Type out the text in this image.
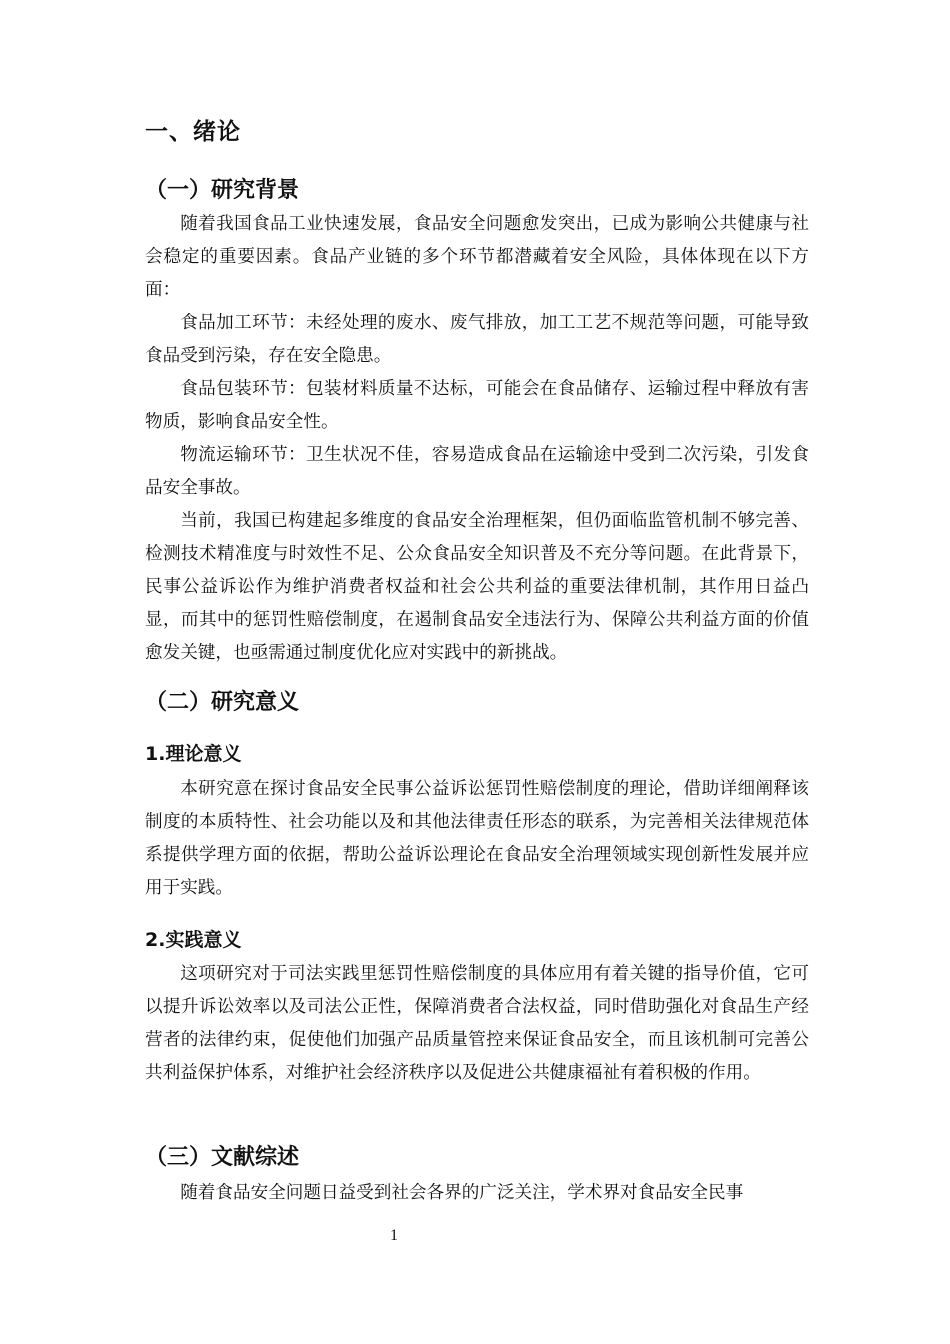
一、绪论
（一）研究背景

随着我国食品工业快速发展，食品安全问题愈发突出，已成为影响公共健康与社会稳定的重要因素。食品产业链的多个环节都潜藏着安全风险，具体体现在以下方面：

食品加工环节：未经处理的废水、废气排放，加工工艺不规范等问题，可能导致食品受到污染，存在安全隐患。

食品包装环节：包装材料质量不达标，可能会在食品储存、运输过程中释放有害物质，影响食品安全性。

物流运输环节：卫生状况不佳，容易造成食品在运输途中受到二次污染，引发食品安全事故。

当前，我国已构建起多维度的食品安全治理框架，但仍面临监管机制不够完善、检测技术精准度与时效性不足、公众食品安全知识普及不充分等问题。在此背景下，民事公益诉讼作为维护消费者权益和社会公共利益的重要法律机制，其作用日益凸显，而其中的惩罚性赔偿制度，在遏制食品安全违法行为、保障公共利益方面的价值愈发关键，也亟需通过制度优化应对实践中的新挑战。

（二）研究意义
1.理论意义

本研究意在探讨食品安全民事公益诉讼惩罚性赔偿制度的理论，借助详细阐释该制度的本质特性、社会功能以及和其他法律责任形态的联系，为完善相关法律规范体系提供学理方面的依据，帮助公益诉讼理论在食品安全治理领域实现创新性发展并应用于实践。

2.实践意义

这项研究对于司法实践里惩罚性赔偿制度的具体应用有着关键的指导价值，它可以提升诉讼效率以及司法公正性，保障消费者合法权益，同时借助强化对食品生产经营者的法律约束，促使他们加强产品质量管控来保证食品安全，而且该机制可完善公共利益保护体系，对维护社会经济秩序以及促进公共健康福祉有着积极的作用。

（三）文献综述

随着食品安全问题日益受到社会各界的广泛关注，学术界对食品安全民事

1
